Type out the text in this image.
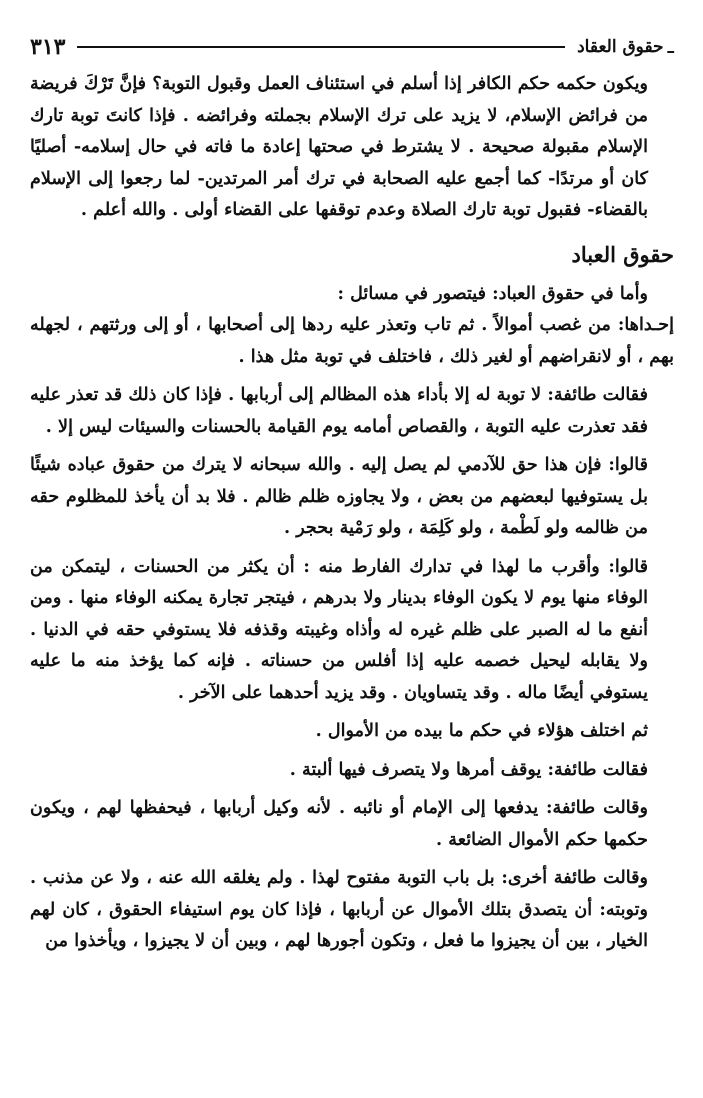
ـ
حقوق العقاد
٣١٣

ويكون حكمه حكم الكافر إذا أسلم في استئناف العمل وقبول التوبة؟ فإنَّ تَرْكَ فريضة من فرائض الإسلام، لا يزيد على ترك الإسلام بجملته وفرائضه . فإذا كانتَ توبة تارك الإسلام مقبولة صحيحة . لا يشترط في صحتها إعادة ما فاته في حال إسلامه- أصليًا كان أو مرتدًا- كما أجمع عليه الصحابة في ترك أمر المرتدين- لما رجعوا إلى الإسلام بالقضاء- فقبول توبة تارك الصلاة وعدم توقفها على القضاء أولى . والله أعلم .

حقوق العباد

وأما في حقوق العباد: فيتصور في مسائل :

إحـداها: من غصب أموالاً . ثم تاب وتعذر عليه ردها إلى أصحابها ، أو إلى ورثتهم ، لجهله بهم ، أو لانقراضهم أو لغير ذلك ، فاختلف في توبة مثل هذا .

فقالت طائفة: لا توبة له إلا بأداء هذه المظالم إلى أربابها . فإذا كان ذلك قد تعذر عليه فقد تعذرت عليه التوبة ، والقصاص أمامه يوم القيامة بالحسنات والسيئات ليس إلا .

قالوا: فإن هذا حق للآدمي لم يصل إليه . والله سبحانه لا يترك من حقوق عباده شيئًا بل يستوفيها لبعضهم من بعض ، ولا يجاوزه ظلم ظالم . فلا بد أن يأخذ للمظلوم حقه من ظالمه ولو لَطْمة ، ولو كَلِمَة ، ولو رَمْية بحجر .

قالوا: وأقرب ما لهذا في تدارك الفارط منه : أن يكثر من الحسنات ، ليتمكن من الوفاء منها يوم لا يكون الوفاء بدينار ولا بدرهم ، فيتجر تجارة يمكنه الوفاء منها . ومن أنفع ما له الصبر على ظلم غيره له وأذاه وغيبته وقذفه فلا يستوفي حقه في الدنيا . ولا يقابله ليحيل خصمه عليه إذا أفلس من حسناته . فإنه كما يؤخذ منه ما عليه يستوفي أيضًا ماله . وقد يتساويان . وقد يزيد أحدهما على الآخر .

ثم اختلف هؤلاء في حكم ما بيده من الأموال .

فقالت طائفة: يوقف أمرها ولا يتصرف فيها ألبتة .

وقالت طائفة: يدفعها إلى الإمام أو نائبه . لأنه وكيل أربابها ، فيحفظها لهم ، ويكون حكمها حكم الأموال الضائعة .

وقالت طائفة أخرى: بل باب التوبة مفتوح لهذا . ولم يغلقه الله عنه ، ولا عن مذنب . وتوبته: أن يتصدق بتلك الأموال عن أربابها ، فإذا كان يوم استيفاء الحقوق ، كان لهم الخيار ، بين أن يجيزوا ما فعل ، وتكون أجورها لهم ، وبين أن لا يجيزوا ، ويأخذوا من
